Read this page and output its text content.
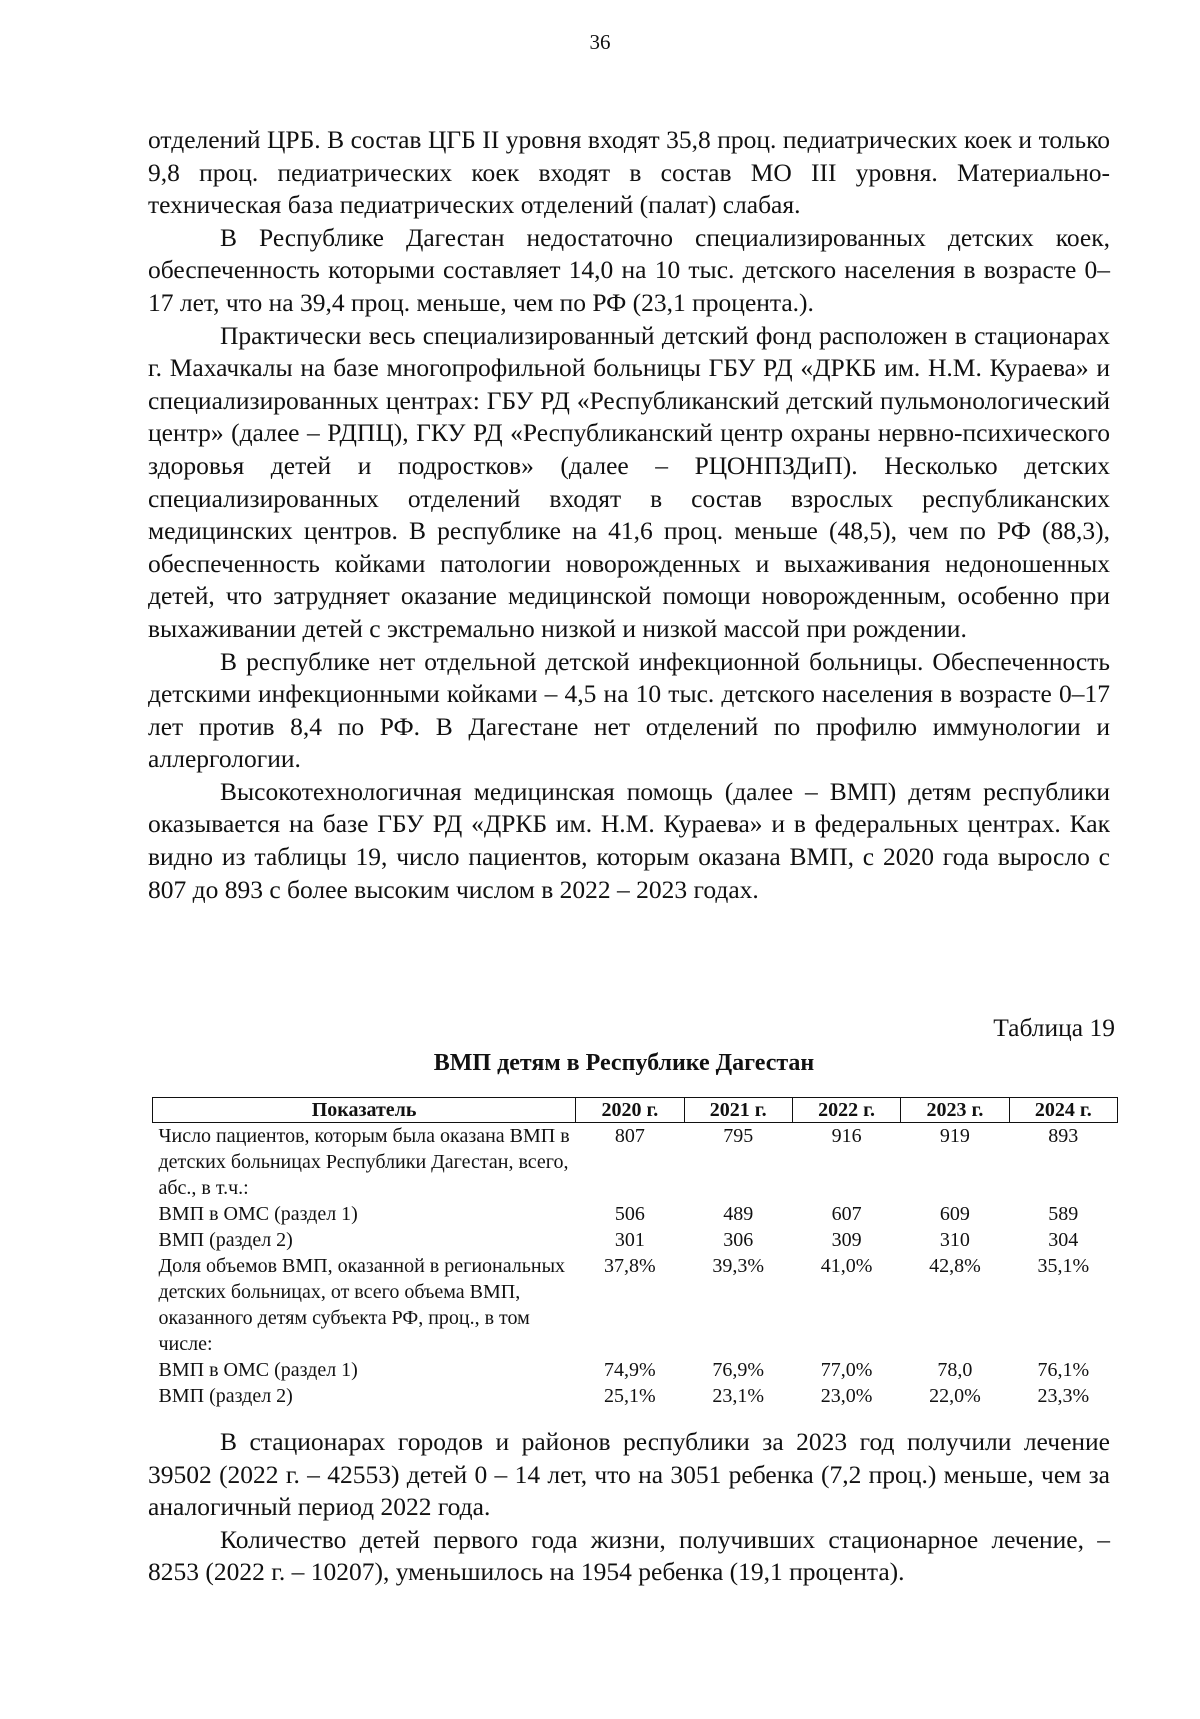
36

отделений ЦРБ. В состав ЦГБ II уровня входят 35,8 проц. педиатрических коек и только 9,8 проц. педиатрических коек входят в состав МО III уровня. Материально-техническая база педиатрических отделений (палат) слабая.

В Республике Дагестан недостаточно специализированных детских коек, обеспеченность которыми составляет 14,0 на 10 тыс. детского населения в возрасте 0–17 лет, что на 39,4 проц. меньше, чем по РФ (23,1 процента.).

Практически весь специализированный детский фонд расположен в стационарах г. Махачкалы на базе многопрофильной больницы ГБУ РД «ДРКБ им. Н.М. Кураева» и специализированных центрах: ГБУ РД «Республиканский детский пульмонологический центр» (далее – РДПЦ), ГКУ РД «Республиканский центр охраны нервно-психического здоровья детей и подростков» (далее – РЦОНПЗДиП). Несколько детских специализированных отделений входят в состав взрослых республиканских медицинских центров. В республике на 41,6 проц. меньше (48,5), чем по РФ (88,3), обеспеченность койками патологии новорожденных и выхаживания недоношенных детей, что затрудняет оказание медицинской помощи новорожденным, особенно при выхаживании детей с экстремально низкой и низкой массой при рождении.

В республике нет отдельной детской инфекционной больницы. Обеспеченность детскими инфекционными койками – 4,5 на 10 тыс. детского населения в возрасте 0–17 лет против 8,4 по РФ. В Дагестане нет отделений по профилю иммунологии и аллергологии.

Высокотехнологичная медицинская помощь (далее – ВМП) детям республики оказывается на базе ГБУ РД «ДРКБ им. Н.М. Кураева» и в федеральных центрах. Как видно из таблицы 19, число пациентов, которым оказана ВМП, с 2020 года выросло с 807 до 893 с более высоким числом в 2022 – 2023 годах.

Таблица 19
ВМП детям в Республике Дагестан
Показатель	2020 г.	2021 г.	2022 г.	2023 г.	2024 г.
Число пациентов, которым была оказана ВМП в детских больницах Республики Дагестан, всего, абс., в т.ч.:	807	795	916	919	893
ВМП в ОМС (раздел 1)	506	489	607	609	589
ВМП (раздел 2)	301	306	309	310	304
Доля объемов ВМП, оказанной в региональных детских больницах, от всего объема ВМП, оказанного детям субъекта РФ, проц., в том числе:	37,8%	39,3%	41,0%	42,8%	35,1%
ВМП в ОМС (раздел 1)	74,9%	76,9%	77,0%	78,0	76,1%
ВМП (раздел 2)	25,1%	23,1%	23,0%	22,0%	23,3%

В стационарах городов и районов республики за 2023 год получили лечение 39502 (2022 г. – 42553) детей 0 – 14 лет, что на 3051 ребенка (7,2 проц.) меньше, чем за аналогичный период 2022 года.

Количество детей первого года жизни, получивших стационарное лечение, – 8253 (2022 г. – 10207), уменьшилось на 1954 ребенка (19,1 процента).
